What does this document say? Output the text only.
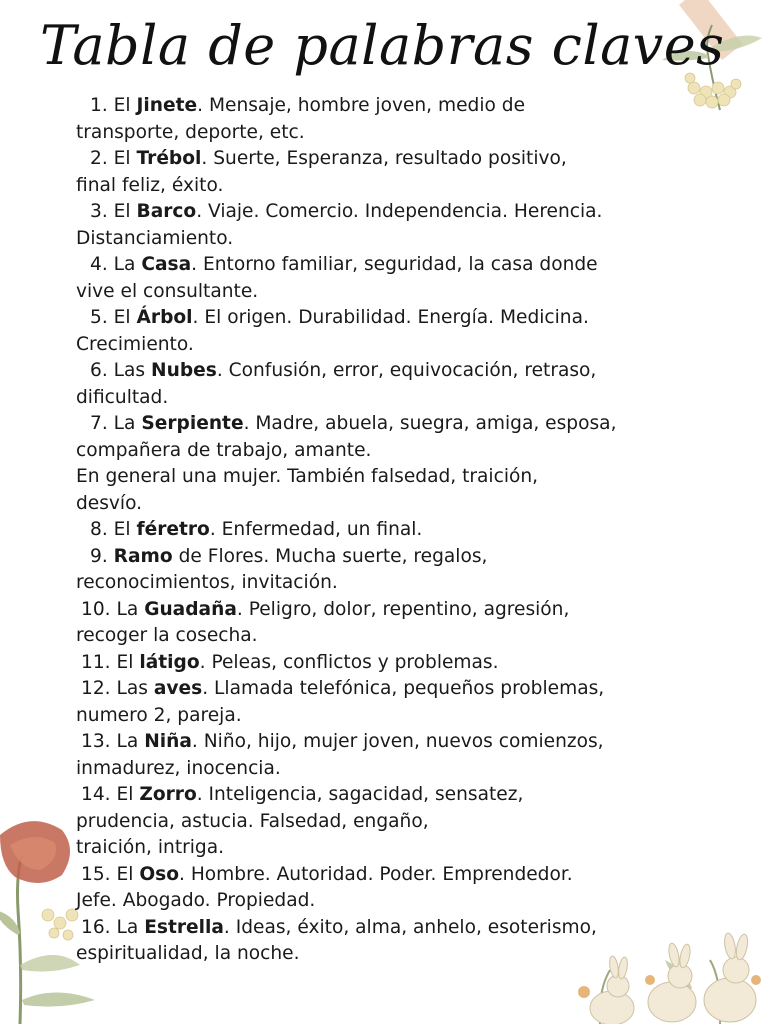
Tabla de palabras claves

1. El Jinete. Mensaje, hombre joven, medio de

transporte, deporte, etc.

2. El Trébol. Suerte, Esperanza, resultado positivo,

final feliz, éxito.

3. El Barco. Viaje. Comercio. Independencia. Herencia.

Distanciamiento.

4. La Casa. Entorno familiar, seguridad, la casa donde

vive el consultante.

5. El Árbol. El origen. Durabilidad. Energía. Medicina.

Crecimiento.

6. Las Nubes. Confusión, error, equivocación, retraso,

dificultad.

7. La Serpiente. Madre, abuela, suegra, amiga, esposa,

compañera de trabajo, amante.

En general una mujer. También falsedad, traición,

desvío.

8. El féretro. Enfermedad, un final.

9. Ramo de Flores. Mucha suerte, regalos,

reconocimientos, invitación.

10. La Guadaña. Peligro, dolor, repentino, agresión,

recoger la cosecha.

11. El látigo. Peleas, conflictos y problemas.

12. Las aves. Llamada telefónica, pequeños problemas,

numero 2, pareja.

13. La Niña. Niño, hijo, mujer joven, nuevos comienzos,

inmadurez, inocencia.

14. El Zorro. Inteligencia, sagacidad, sensatez,

prudencia, astucia. Falsedad, engaño,

traición, intriga.

15. El Oso. Hombre. Autoridad. Poder. Emprendedor.

Jefe. Abogado. Propiedad.

16. La Estrella. Ideas, éxito, alma, anhelo, esoterismo,

espiritualidad, la noche.
